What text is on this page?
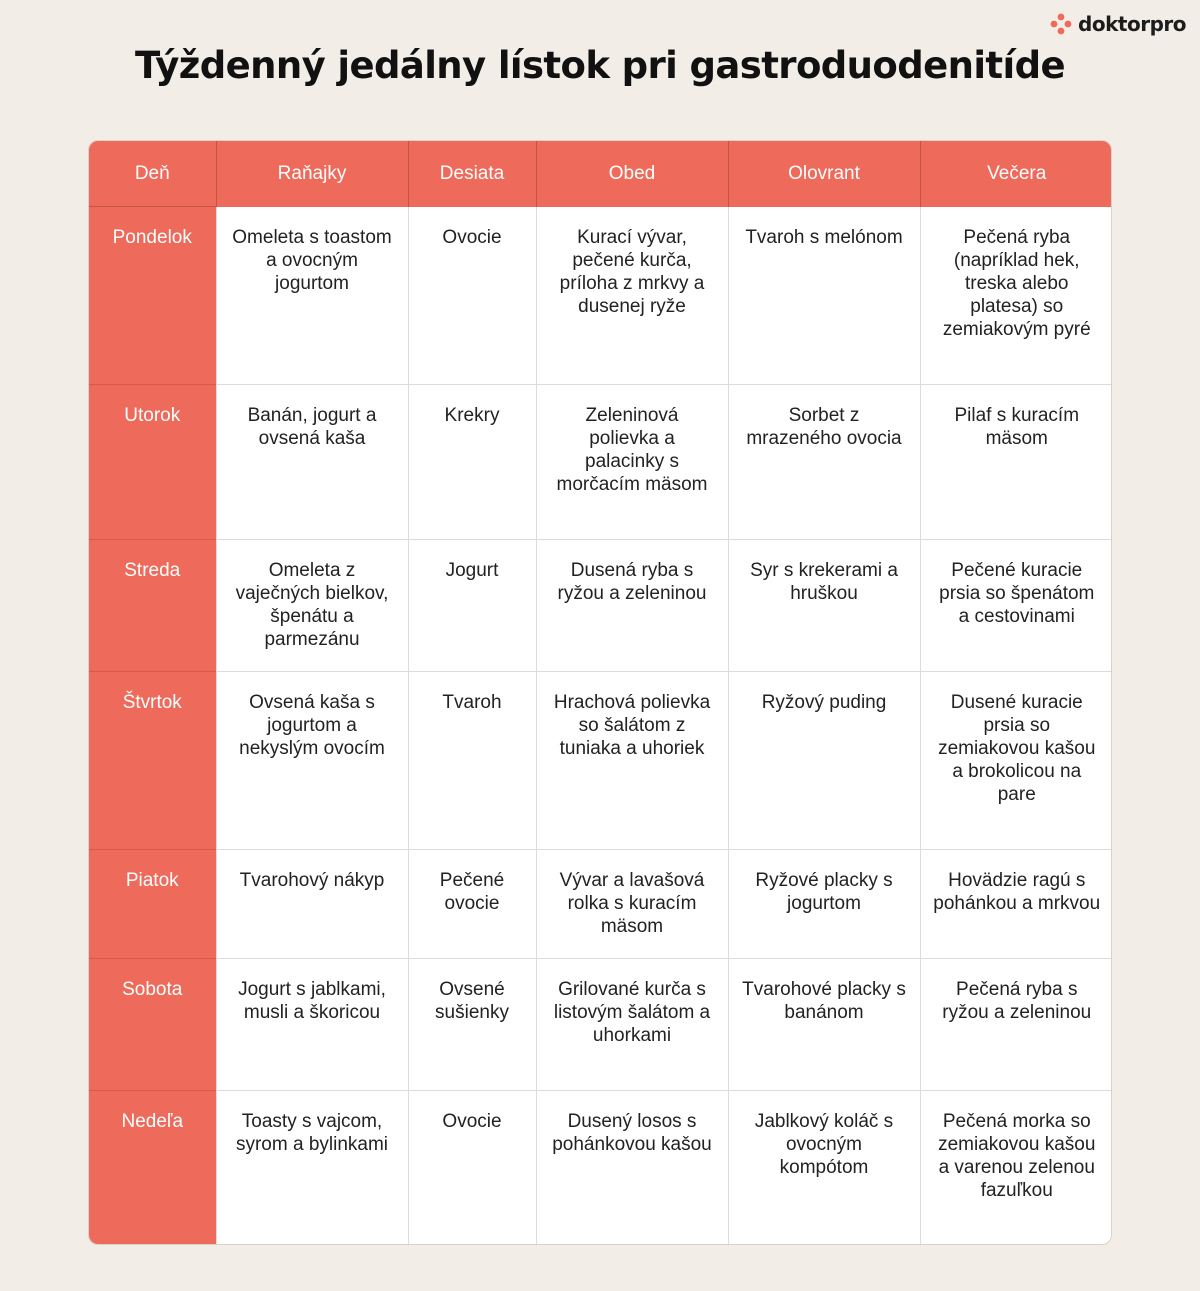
doktorpro
Týždenný jedálny lístok pri gastroduodenitíde
Deň	Raňajky	Desiata	Obed	Olovrant	Večera
Pondelok	Omeleta s toastom a ovocným jogurtom	Ovocie	Kurací vývar, pečené kurča, príloha z mrkvy a dusenej ryže	Tvaroh s melónom	Pečená ryba (napríklad hek, treska alebo platesa) so zemiakovým pyré
Utorok	Banán, jogurt a ovsená kaša	Krekry	Zeleninová polievka a palacinky s morčacím mäsom	Sorbet z mrazeného ovocia	Pilaf s kuracím mäsom
Streda	Omeleta z vaječných bielkov, špenátu a parmezánu	Jogurt	Dusená ryba s ryžou a zeleninou	Syr s krekerami a hruškou	Pečené kuracie prsia so špenátom a cestovinami
Štvrtok	Ovsená kaša s jogurtom a nekyslým ovocím	Tvaroh	Hrachová polievka so šalátom z tuniaka a uhoriek	Ryžový puding	Dusené kuracie prsia so zemiakovou kašou a brokolicou na pare
Piatok	Tvarohový nákyp	Pečené ovocie	Vývar a lavašová rolka s kuracím mäsom	Ryžové placky s jogurtom	Hovädzie ragú s pohánkou a mrkvou
Sobota	Jogurt s jablkami, musli a škoricou	Ovsené sušienky	Grilované kurča s listovým šalátom a uhorkami	Tvarohové placky s banánom	Pečená ryba s ryžou a zeleninou
Nedeľa	Toasty s vajcom, syrom a bylinkami	Ovocie	Dusený losos s pohánkovou kašou	Jablkový koláč s ovocným kompótom	Pečená morka so zemiakovou kašou a varenou zelenou fazuľkou
